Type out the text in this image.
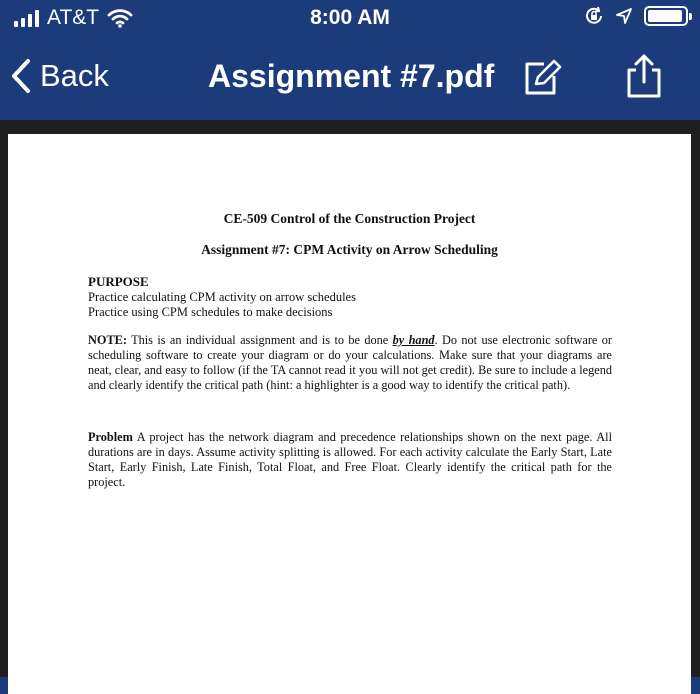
AT&T	8:00 AM
Back	Assignment #7.pdf
CE-509 Control of the Construction Project
Assignment #7: CPM Activity on Arrow Scheduling
PURPOSE
Practice calculating CPM activity on arrow schedules
Practice using CPM schedules to make decisions
NOTE: This is an individual assignment and is to be done by hand. Do not use electronic software or scheduling software to create your diagram or do your calculations. Make sure that your diagrams are neat, clear, and easy to follow (if the TA cannot read it you will not get credit). Be sure to include a legend and clearly identify the critical path (hint: a highlighter is a good way to identify the critical path).
Problem A project has the network diagram and precedence relationships shown on the next page. All durations are in days. Assume activity splitting is allowed. For each activity calculate the Early Start, Late Start, Early Finish, Late Finish, Total Float, and Free Float. Clearly identify the critical path for the project.
